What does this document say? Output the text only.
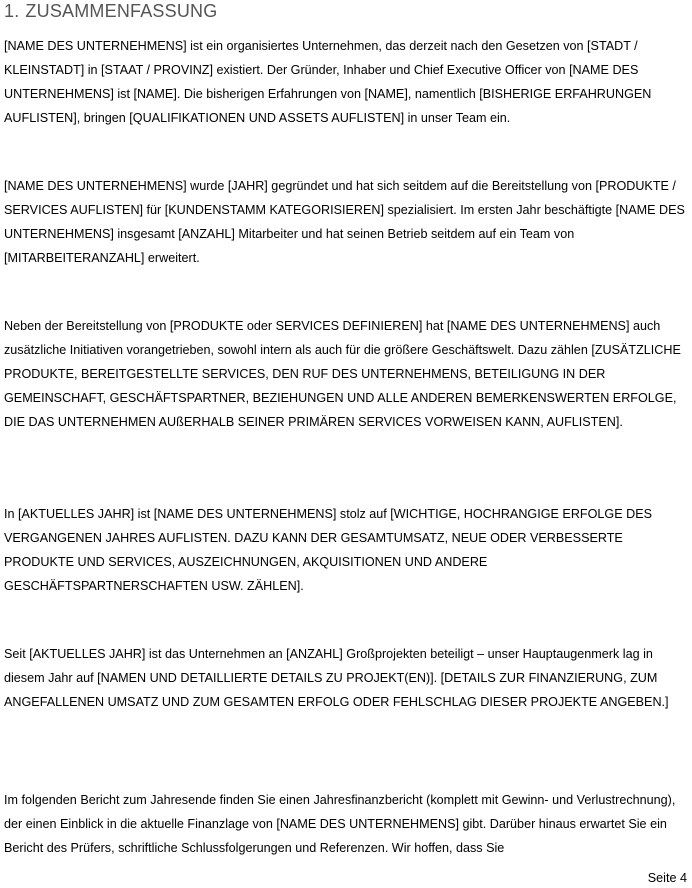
1. ZUSAMMENFASSUNG

[NAME DES UNTERNEHMENS] ist ein organisiertes Unternehmen, das derzeit nach den Gesetzen von [STADT / KLEINSTADT] in [STAAT / PROVINZ] existiert. Der Gründer, Inhaber und Chief Executive Officer von [NAME DES UNTERNEHMENS] ist [NAME]. Die bisherigen Erfahrungen von [NAME], namentlich [BISHERIGE ERFAHRUNGEN AUFLISTEN], bringen [QUALIFIKATIONEN UND ASSETS AUFLISTEN] in unser Team ein.

[NAME DES UNTERNEHMENS] wurde [JAHR] gegründet und hat sich seitdem auf die Bereitstellung von [PRODUKTE / SERVICES AUFLISTEN] für [KUNDENSTAMM KATEGORISIEREN] spezialisiert. Im ersten Jahr beschäftigte [NAME DES UNTERNEHMENS] insgesamt [ANZAHL] Mitarbeiter und hat seinen Betrieb seitdem auf ein Team von [MITARBEITERANZAHL] erweitert.

Neben der Bereitstellung von [PRODUKTE oder SERVICES DEFINIEREN] hat [NAME DES UNTERNEHMENS] auch zusätzliche Initiativen vorangetrieben, sowohl intern als auch für die größere Geschäftswelt. Dazu zählen [ZUSÄTZLICHE PRODUKTE, BEREITGESTELLTE SERVICES, DEN RUF DES UNTERNEHMENS, BETEILIGUNG IN DER GEMEINSCHAFT, GESCHÄFTSPARTNER, BEZIEHUNGEN UND ALLE ANDEREN BEMERKENSWERTEN ERFOLGE, DIE DAS UNTERNEHMEN AUßERHALB SEINER PRIMÄREN SERVICES VORWEISEN KANN, AUFLISTEN].

In [AKTUELLES JAHR] ist [NAME DES UNTERNEHMENS] stolz auf [WICHTIGE, HOCHRANGIGE ERFOLGE DES VERGANGENEN JAHRES AUFLISTEN. DAZU KANN DER GESAMTUMSATZ, NEUE ODER VERBESSERTE PRODUKTE UND SERVICES, AUSZEICHNUNGEN, AKQUISITIONEN UND ANDERE GESCHÄFTSPARTNERSCHAFTEN USW. ZÄHLEN].

Seit [AKTUELLES JAHR] ist das Unternehmen an [ANZAHL] Großprojekten beteiligt – unser Hauptaugenmerk lag in diesem Jahr auf [NAMEN UND DETAILLIERTE DETAILS ZU PROJEKT(EN)]. [DETAILS ZUR FINANZIERUNG, ZUM ANGEFALLENEN UMSATZ UND ZUM GESAMTEN ERFOLG ODER FEHLSCHLAG DIESER PROJEKTE ANGEBEN.]

Im folgenden Bericht zum Jahresende finden Sie einen Jahresfinanzbericht (komplett mit Gewinn- und Verlustrechnung), der einen Einblick in die aktuelle Finanzlage von [NAME DES UNTERNEHMENS] gibt. Darüber hinaus erwartet Sie ein Bericht des Prüfers, schriftliche Schlussfolgerungen und Referenzen. Wir hoffen, dass Sie

Seite 4
